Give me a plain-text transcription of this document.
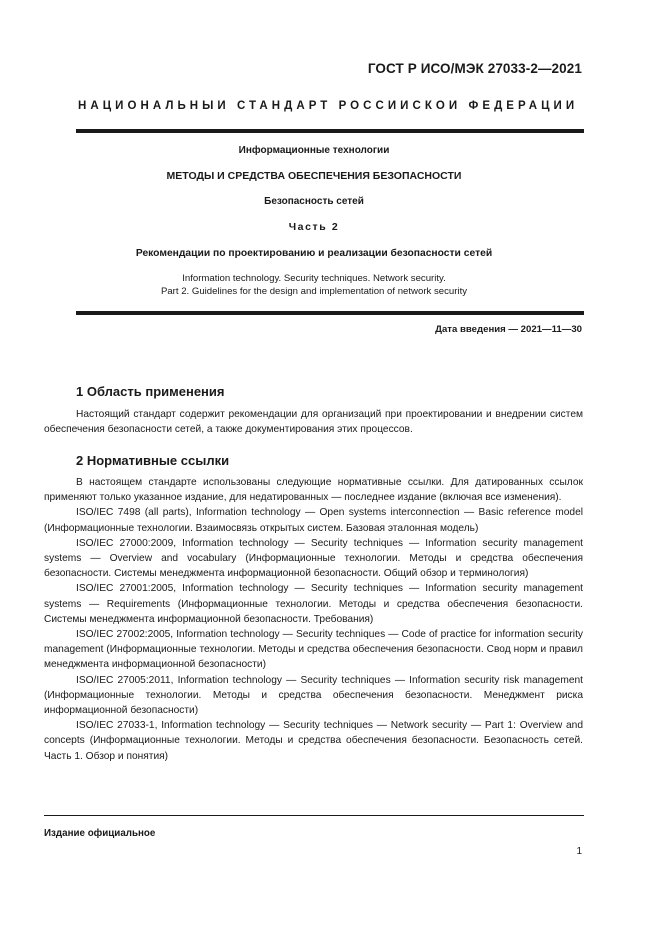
ГОСТ Р ИСО/МЭК 27033-2—2021
НАЦИОНАЛЬНЫЙ СТАНДАРТ РОССИЙСКОЙ ФЕДЕРАЦИИ
Информационные технологии
МЕТОДЫ И СРЕДСТВА ОБЕСПЕЧЕНИЯ БЕЗОПАСНОСТИ
Безопасность сетей
Часть 2
Рекомендации по проектированию и реализации безопасности сетей
Information technology. Security techniques. Network security.
Part 2. Guidelines for the design and implementation of network security
Дата введения — 2021—11—30
1 Область применения

Настоящий стандарт содержит рекомендации для организаций при проектировании и внедрении систем обеспечения безопасности сетей, а также документирования этих процессов.

2 Нормативные ссылки

В настоящем стандарте использованы следующие нормативные ссылки. Для датированных ссылок применяют только указанное издание, для недатированных — последнее издание (включая все изменения).

ISO/IEC 7498 (all parts), Information technology — Open systems interconnection — Basic reference model (Информационные технологии. Взаимосвязь открытых систем. Базовая эталонная модель)

ISO/IEC 27000:2009, Information technology — Security techniques — Information security management systems — Overview and vocabulary (Информационные технологии. Методы и средства обеспечения безопасности. Системы менеджмента информационной безопасности. Общий обзор и терминология)

ISO/IEC 27001:2005, Information technology — Security techniques — Information security management systems — Requirements (Информационные технологии. Методы и средства обеспечения безопасности. Системы менеджмента информационной безопасности. Требования)

ISO/IEC 27002:2005, Information technology — Security techniques — Code of practice for information security management (Информационные технологии. Методы и средства обеспечения безопасности. Свод норм и правил менеджмента информационной безопасности)

ISO/IEC 27005:2011, Information technology — Security techniques — Information security risk management (Информационные технологии. Методы и средства обеспечения безопасности. Менеджмент риска информационной безопасности)

ISO/IEC 27033-1, Information technology — Security techniques — Network security — Part 1: Overview and concepts (Информационные технологии. Методы и средства обеспечения безопасности. Безопасность сетей. Часть 1. Обзор и понятия)

Издание официальное
1
